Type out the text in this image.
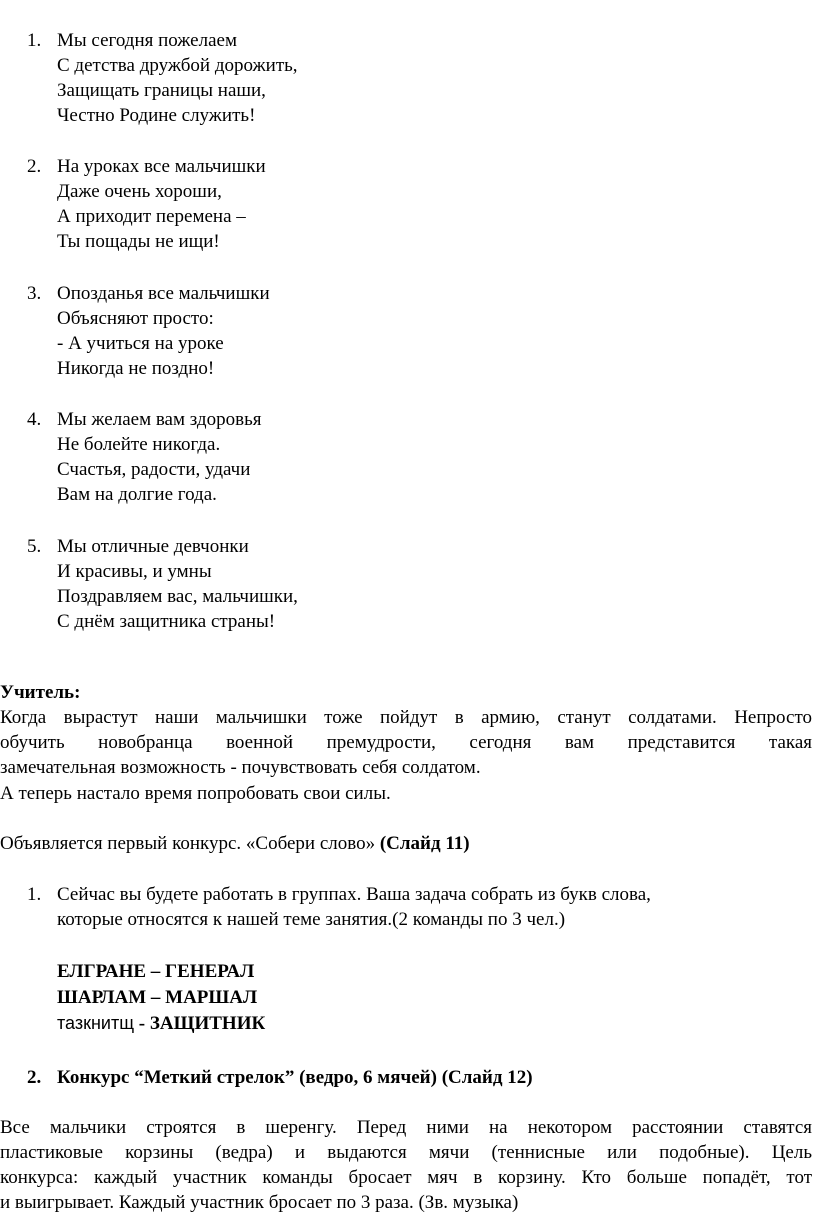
1. Мы сегодня пожелаем
С детства дружбой дорожить,
Защищать границы наши,
Честно Родине служить!
2. На уроках все мальчишки
Даже очень хороши,
А приходит перемена –
Ты пощады не ищи!
3. Опозданья все мальчишки
Объясняют просто:
- А учиться на уроке
Никогда не поздно!
4. Мы желаем вам здоровья
Не болейте никогда.
Счастья, радости, удачи
Вам на долгие года.
5. Мы отличные девчонки
И красивы, и умны
Поздравляем вас, мальчишки,
С днём защитника страны!
Учитель:
Когда вырастут наши мальчишки тоже пойдут в армию, станут солдатами. Непросто
обучить новобранца военной премудрости, сегодня вам представится такая
замечательная возможность - почувствовать себя солдатом.
А теперь настало время попробовать свои силы.
Объявляется первый конкурс. «Собери слово» (Слайд 11)
1. Сейчас вы будете работать в группах. Ваша задача собрать из букв слова,
которые относятся к нашей теме занятия.(2 команды по 3 чел.)
ЕЛГРАНЕ – ГЕНЕРАЛ
ШАРЛАМ – МАРШАЛ
тазкнитщ - ЗАЩИТНИК
2. Конкурс “Меткий стрелок” (ведро, 6 мячей) (Слайд 12)
Все мальчики строятся в шеренгу. Перед ними на некотором расстоянии ставятся
пластиковые корзины (ведра) и выдаются мячи (теннисные или подобные). Цель
конкурса: каждый участник команды бросает мяч в корзину. Кто больше попадёт, тот
и выигрывает. Каждый участник бросает по 3 раза. (Зв. музыка)
